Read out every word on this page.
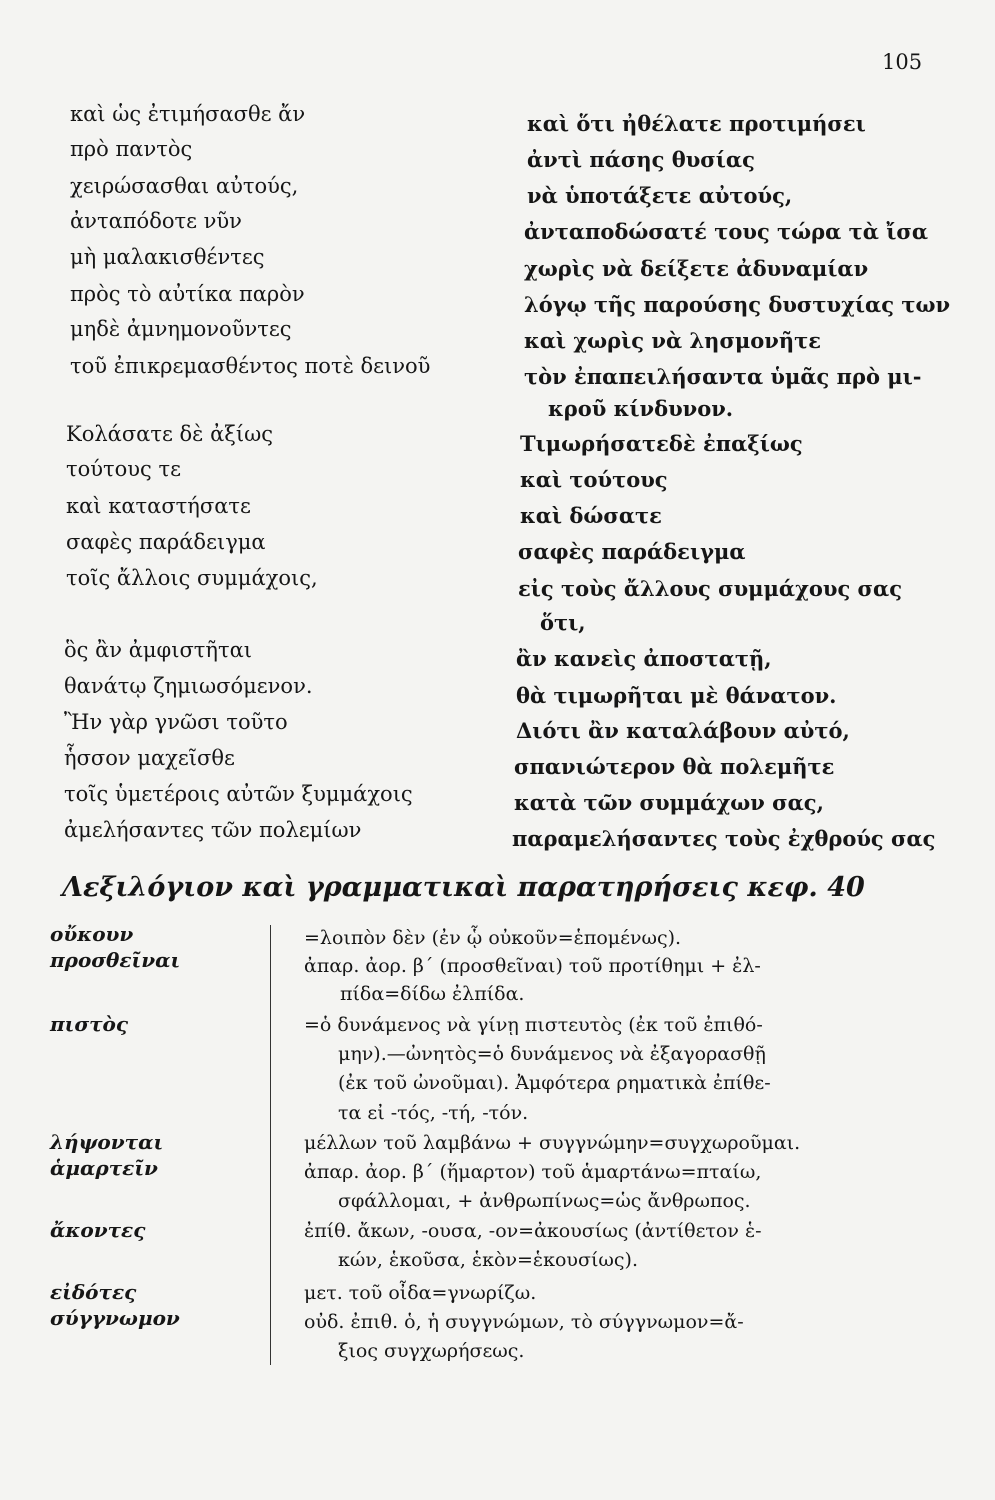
105
καὶ ὡς ἐτιμήσασθε ἄν
πρὸ παντὸς
χειρώσασθαι αὐτούς,
ἀνταπόδοτε νῦν
μὴ μαλακισθέντες
πρὸς τὸ αὐτίκα παρὸν
μηδὲ ἀμνημονοῦντες
τοῦ ἐπικρεμασθέντος ποτὲ δεινοῦ
Κολάσατε δὲ ἀξίως
τούτους τε
καὶ καταστήσατε
σαφὲς παράδειγμα
τοῖς ἄλλοις συμμάχοις,
ὃς ἂν ἀμφιστῆται
θανάτῳ ζημιωσόμενον.
Ἢν γὰρ γνῶσι τοῦτο
ἧσσον μαχεῖσθε
τοῖς ὑμετέροις αὐτῶν ξυμμάχοις
ἀμελήσαντες τῶν πολεμίων
καὶ ὅτι ἠθέλατε προτιμήσει
ἀντὶ πάσης θυσίας
νὰ ὑποτάξετε αὐτούς,
ἀνταποδώσατέ τους τώρα τὰ ἴσα
χωρὶς νὰ δείξετε ἀδυναμίαν
λόγῳ τῆς παρούσης δυστυχίας των
καὶ χωρὶς νὰ λησμονῆτε
τὸν ἐπαπειλήσαντα ὑμᾶς πρὸ μι-
κροῦ κίνδυνον.
Τιμωρήσατεδὲ ἐπαξίως
καὶ τούτους
καὶ δώσατε
σαφὲς παράδειγμα
εἰς τοὺς ἄλλους συμμάχους σας
ὅτι,
ἂν κανεὶς ἀποστατῇ,
θὰ τιμωρῆται μὲ θάνατον.
Διότι ἂν καταλάβουν αὐτό,
σπανιώτερον θὰ πολεμῆτε
κατὰ τῶν συμμάχων σας,
παραμελήσαντες τοὺς ἐχθρούς σας
Λεξιλόγιον καὶ γραμματικαὶ παρατηρήσεις κεφ. 40
οὔκουν
προσθεῖναι
πιστὸς
λήψονται
ἁμαρτεῖν
ἄκοντες
εἰδότες
σύγγνωμον
=λοιπὸν δὲν (ἐν ᾧ οὐκοῦν=ἑπομένως).
ἀπαρ. ἀορ. β΄ (προσθεῖναι) τοῦ προτίθημι + ἐλ-
πίδα=δίδω ἐλπίδα.
=ὁ δυνάμενος νὰ γίνῃ πιστευτὸς (ἐκ τοῦ ἐπιθό-
μην).—ὠνητὸς=ὁ δυνάμενος νὰ ἐξαγορασθῇ
(ἐκ τοῦ ὠνοῦμαι). Ἀμφότερα ρηματικὰ ἐπίθε-
τα εἰ -τός, -τή, -τόν.
μέλλων τοῦ λαμβάνω + συγγνώμην=συγχωροῦμαι.
ἀπαρ. ἀορ. β΄ (ἥμαρτον) τοῦ ἁμαρτάνω=πταίω,
σφάλλομαι, + ἀνθρωπίνως=ὡς ἄνθρωπος.
ἐπίθ. ἄκων, -ουσα, -ον=ἀκουσίως (ἀντίθετον ἑ-
κών, ἑκοῦσα, ἑκὸν=ἑκουσίως).
μετ. τοῦ οἶδα=γνωρίζω.
οὐδ. ἐπιθ. ὁ, ἡ συγγνώμων, τὸ σύγγνωμον=ἄ-
ξιος συγχωρήσεως.
